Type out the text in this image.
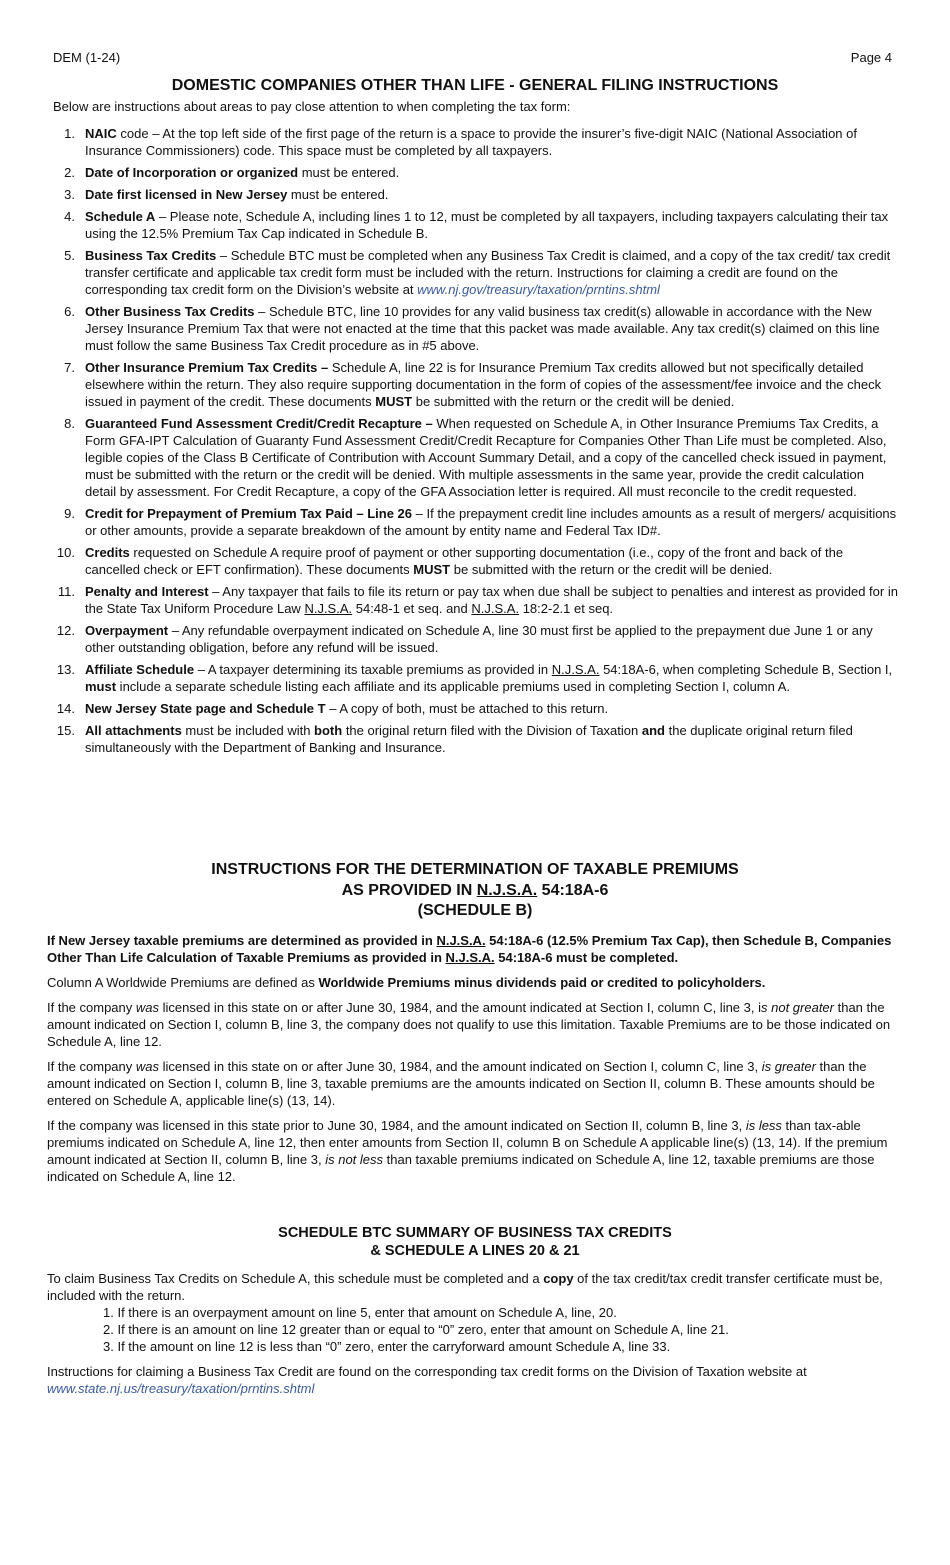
DEM (1-24)	Page 4
DOMESTIC COMPANIES OTHER THAN LIFE - GENERAL FILING INSTRUCTIONS

Below are instructions about areas to pay close attention to when completing the tax form:

1. NAIC code – At the top left side of the first page of the return is a space to provide the insurer’s five-digit NAIC (National Association of Insurance Commissioners) code. This space must be completed by all taxpayers.
2. Date of Incorporation or organized must be entered.
3. Date first licensed in New Jersey must be entered.
4. Schedule A – Please note, Schedule A, including lines 1 to 12, must be completed by all taxpayers, including taxpayers calculating their tax using the 12.5% Premium Tax Cap indicated in Schedule B.
5. Business Tax Credits – Schedule BTC must be completed when any Business Tax Credit is claimed, and a copy of the tax credit/ tax credit transfer certificate and applicable tax credit form must be included with the return. Instructions for claiming a credit are found on the corresponding tax credit form on the Division’s website at www.nj.gov/treasury/taxation/prntins.shtml
6. Other Business Tax Credits – Schedule BTC, line 10 provides for any valid business tax credit(s) allowable in accordance with the New Jersey Insurance Premium Tax that were not enacted at the time that this packet was made available. Any tax credit(s) claimed on this line must follow the same Business Tax Credit procedure as in #5 above.
7. Other Insurance Premium Tax Credits – Schedule A, line 22 is for Insurance Premium Tax credits allowed but not specifically detailed elsewhere within the return. They also require supporting documentation in the form of copies of the assessment/fee invoice and the check issued in payment of the credit. These documents MUST be submitted with the return or the credit will be denied.
8. Guaranteed Fund Assessment Credit/Credit Recapture – When requested on Schedule A, in Other Insurance Premiums Tax Credits, a Form GFA-IPT Calculation of Guaranty Fund Assessment Credit/Credit Recapture for Companies Other Than Life must be completed. Also, legible copies of the Class B Certificate of Contribution with Account Summary Detail, and a copy of the cancelled check issued in payment, must be submitted with the return or the credit will be denied. With multiple assessments in the same year, provide the credit calculation detail by assessment. For Credit Recapture, a copy of the GFA Association letter is required. All must reconcile to the credit requested.
9. Credit for Prepayment of Premium Tax Paid – Line 26 – If the prepayment credit line includes amounts as a result of mergers/ acquisitions or other amounts, provide a separate breakdown of the amount by entity name and Federal Tax ID#.
10. Credits requested on Schedule A require proof of payment or other supporting documentation (i.e., copy of the front and back of the cancelled check or EFT confirmation). These documents MUST be submitted with the return or the credit will be denied.
11. Penalty and Interest – Any taxpayer that fails to file its return or pay tax when due shall be subject to penalties and interest as provided for in the State Tax Uniform Procedure Law N.J.S.A. 54:48-1 et seq. and N.J.S.A. 18:2-2.1 et seq.
12. Overpayment – Any refundable overpayment indicated on Schedule A, line 30 must first be applied to the prepayment due June 1 or any other outstanding obligation, before any refund will be issued.
13. Affiliate Schedule – A taxpayer determining its taxable premiums as provided in N.J.S.A. 54:18A-6, when completing Schedule B, Section I, must include a separate schedule listing each affiliate and its applicable premiums used in completing Section I, column A.
14. New Jersey State page and Schedule T – A copy of both, must be attached to this return.
15. All attachments must be included with both the original return filed with the Division of Taxation and the duplicate original return filed simultaneously with the Department of Banking and Insurance.
INSTRUCTIONS FOR THE DETERMINATION OF TAXABLE PREMIUMS
AS PROVIDED IN N.J.S.A. 54:18A-6
(SCHEDULE B)

If New Jersey taxable premiums are determined as provided in N.J.S.A. 54:18A-6 (12.5% Premium Tax Cap), then Schedule B, Companies Other Than Life Calculation of Taxable Premiums as provided in N.J.S.A. 54:18A-6 must be completed.

Column A Worldwide Premiums are defined as Worldwide Premiums minus dividends paid or credited to policyholders.

If the company was licensed in this state on or after June 30, 1984, and the amount indicated at Section I, column C, line 3, is not greater than the amount indicated on Section I, column B, line 3, the company does not qualify to use this limitation. Taxable Premiums are to be those indicated on Schedule A, line 12.

If the company was licensed in this state on or after June 30, 1984, and the amount indicated on Section I, column C, line 3, is greater than the amount indicated on Section I, column B, line 3, taxable premiums are the amounts indicated on Section II, column B. These amounts should be entered on Schedule A, applicable line(s) (13, 14).

If the company was licensed in this state prior to June 30, 1984, and the amount indicated on Section II, column B, line 3, is less than tax-able premiums indicated on Schedule A, line 12, then enter amounts from Section II, column B on Schedule A applicable line(s) (13, 14). If the premium amount indicated at Section II, column B, line 3, is not less than taxable premiums indicated on Schedule A, line 12, taxable premiums are those indicated on Schedule A, line 12.

SCHEDULE BTC SUMMARY OF BUSINESS TAX CREDITS
& SCHEDULE A LINES 20 & 21

To claim Business Tax Credits on Schedule A, this schedule must be completed and a copy of the tax credit/tax credit transfer certificate must be, included with the return.

1. If there is an overpayment amount on line 5, enter that amount on Schedule A, line, 20.
2. If there is an amount on line 12 greater than or equal to “0” zero, enter that amount on Schedule A, line 21.
3. If the amount on line 12 is less than “0” zero, enter the carryforward amount Schedule A, line 33.

Instructions for claiming a Business Tax Credit are found on the corresponding tax credit forms on the Division of Taxation website at
www.state.nj.us/treasury/taxation/prntins.shtml
